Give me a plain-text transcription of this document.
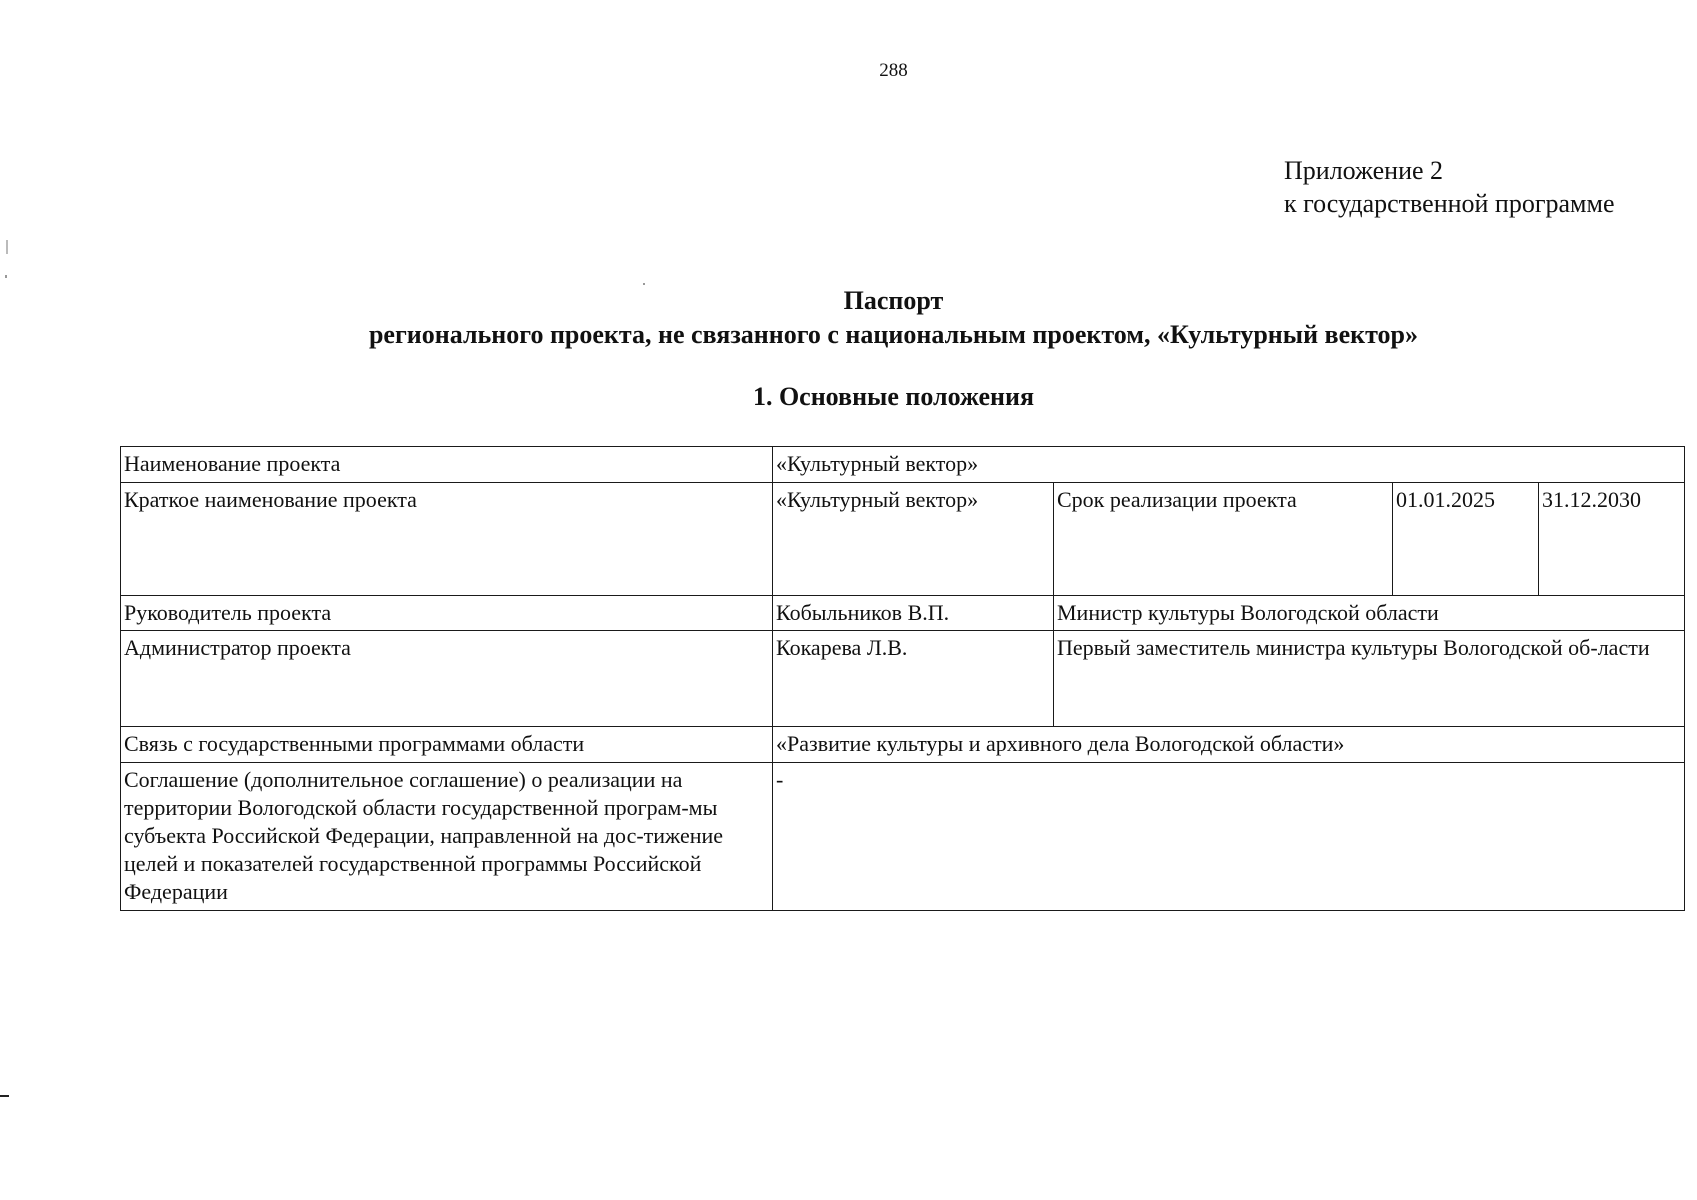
288
Приложение 2
к государственной программе
Паспорт
регионального проекта, не связанного с национальным проектом, «Культурный вектор»
1. Основные положения
Наименование проекта	«Культурный вектор»			
Краткое наименование проекта	«Культурный вектор»	Срок реализации проекта	01.01.2025	31.12.2030
Руководитель проекта	Кобыльников В.П.	Министр культуры Вологодской области		
Администратор проекта	Кокарева Л.В.	Первый заместитель министра культуры Вологодской об-ласти		
Связь с государственными программами области	«Развитие культуры и архивного дела Вологодской области»			
Соглашение (дополнительное соглашение) о реализации на территории Вологодской области государственной програм-мы субъекта Российской Федерации, направленной на дос-тижение целей и показателей государственной программы Российской Федерации	-			
